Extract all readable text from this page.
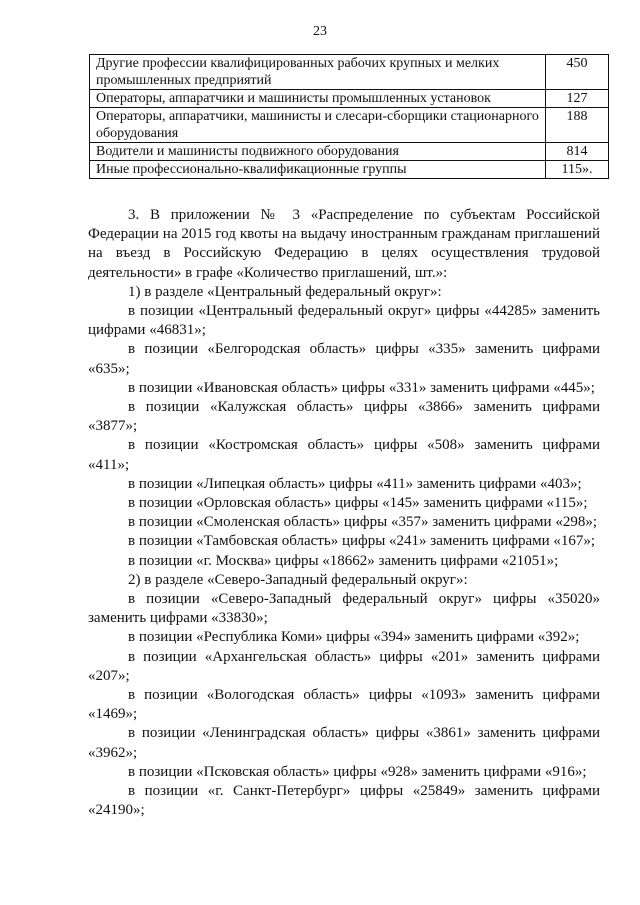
23
Другие профессии квалифицированных рабочих крупных и мелких промышленных предприятий	450
Операторы, аппаратчики и машинисты промышленных установок	127
Операторы, аппаратчики, машинисты и слесари-сборщики стационарного оборудования	188
Водители и машинисты подвижного оборудования	814
Иные профессионально-квалификационные группы	115».

3. В приложении № 3 «Распределение по субъектам Российской Федерации на 2015 год квоты на выдачу иностранным гражданам приглашений на въезд в Российскую Федерацию в целях осуществления трудовой деятельности» в графе «Количество приглашений, шт.»:

1) в разделе «Центральный федеральный округ»:

в позиции «Центральный федеральный округ» цифры «44285» заменить цифрами «46831»;

в позиции «Белгородская область» цифры «335» заменить цифрами «635»;

в позиции «Ивановская область» цифры «331» заменить цифрами «445»;

в позиции «Калужская область» цифры «3866» заменить цифрами «3877»;

в позиции «Костромская область» цифры «508» заменить цифрами «411»;

в позиции «Липецкая область» цифры «411» заменить цифрами «403»;

в позиции «Орловская область» цифры «145» заменить цифрами «115»;

в позиции «Смоленская область» цифры «357» заменить цифрами «298»;

в позиции «Тамбовская область» цифры «241» заменить цифрами «167»;

в позиции «г. Москва» цифры «18662» заменить цифрами «21051»;

2) в разделе «Северо-Западный федеральный округ»:

в позиции «Северо-Западный федеральный округ» цифры «35020» заменить цифрами «33830»;

в позиции «Республика Коми» цифры «394» заменить цифрами «392»;

в позиции «Архангельская область» цифры «201» заменить цифрами «207»;

в позиции «Вологодская область» цифры «1093» заменить цифрами «1469»;

в позиции «Ленинградская область» цифры «3861» заменить цифрами «3962»;

в позиции «Псковская область» цифры «928» заменить цифрами «916»;

в позиции «г. Санкт-Петербург» цифры «25849» заменить цифрами «24190»;
